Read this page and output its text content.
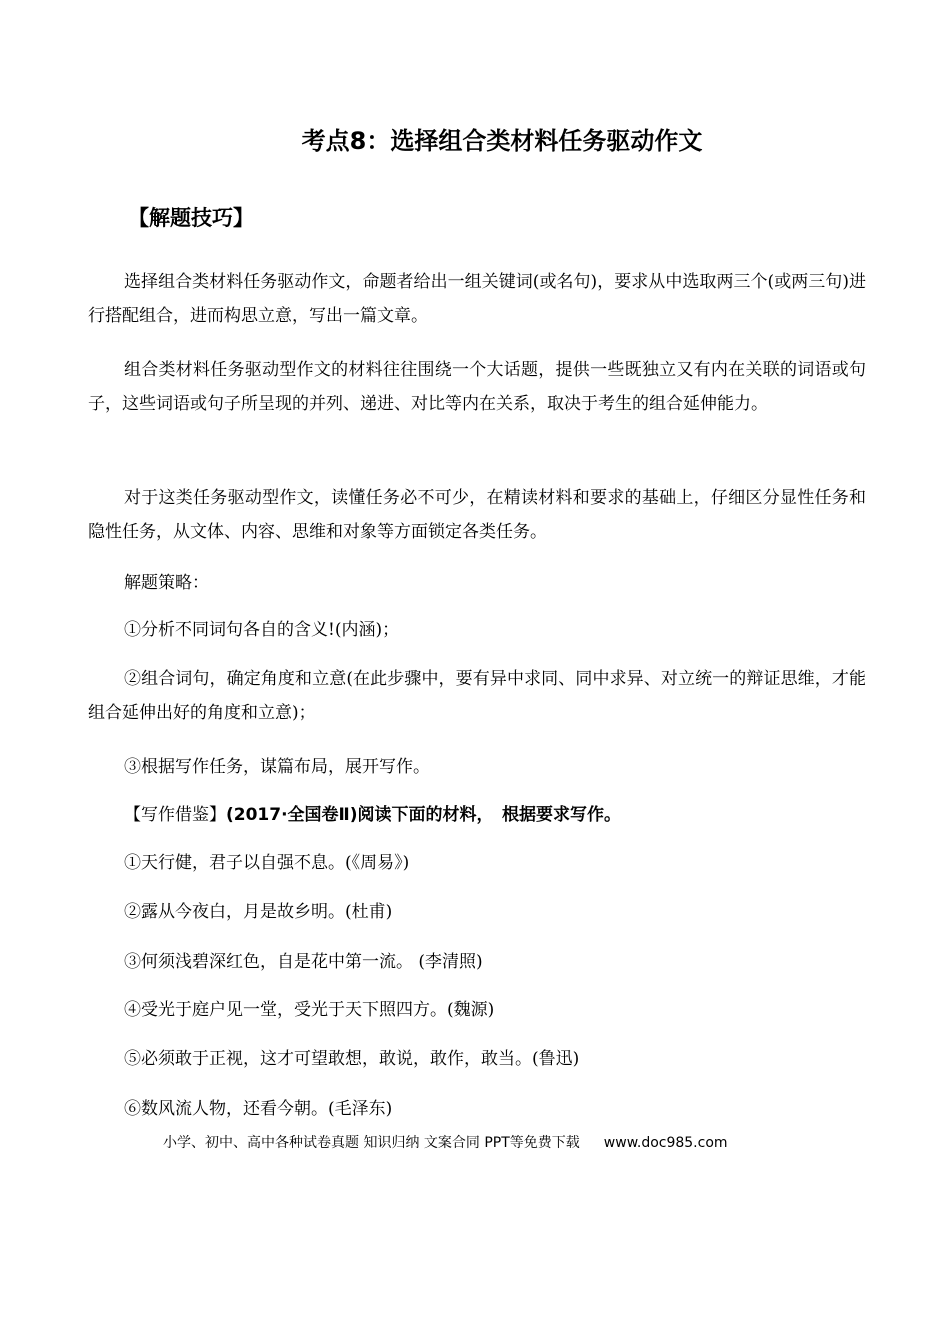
考点8：选择组合类材料任务驱动作文
【解题技巧】

选择组合类材料任务驱动作文，命题者给出一组关键词(或名句)，要求从中选取两三个(或两三句)进行搭配组合，进而构思立意，写出一篇文章。

组合类材料任务驱动型作文的材料往往围绕一个大话题，提供一些既独立又有内在关联的词语或句子，这些词语或句子所呈现的并列、递进、对比等内在关系，取决于考生的组合延伸能力。

对于这类任务驱动型作文，读懂任务必不可少，在精读材料和要求的基础上，仔细区分显性任务和隐性任务，从文体、内容、思维和对象等方面锁定各类任务。

解题策略：

①分析不同词句各自的含义!(内涵)；

②组合词句，确定角度和立意(在此步骤中，要有异中求同、同中求异、对立统一的辩证思维，才能组合延伸出好的角度和立意)；

③根据写作任务，谋篇布局，展开写作。

【写作借鉴】(2017·全国卷Ⅱ)阅读下面的材料，　根据要求写作。
①天行健，君子以自强不息。(《周易》)
②露从今夜白，月是故乡明。(杜甫)
③何须浅碧深红色，自是花中第一流。 (李清照)
④受光于庭户见一堂，受光于天下照四方。(魏源)
⑤必须敢于正视，这才可望敢想，敢说，敢作，敢当。(鲁迅)
⑥数风流人物，还看今朝。(毛泽东)
小学、初中、高中各种试卷真题 知识归纳 文案合同 PPT等免费下载 www.doc985.com
